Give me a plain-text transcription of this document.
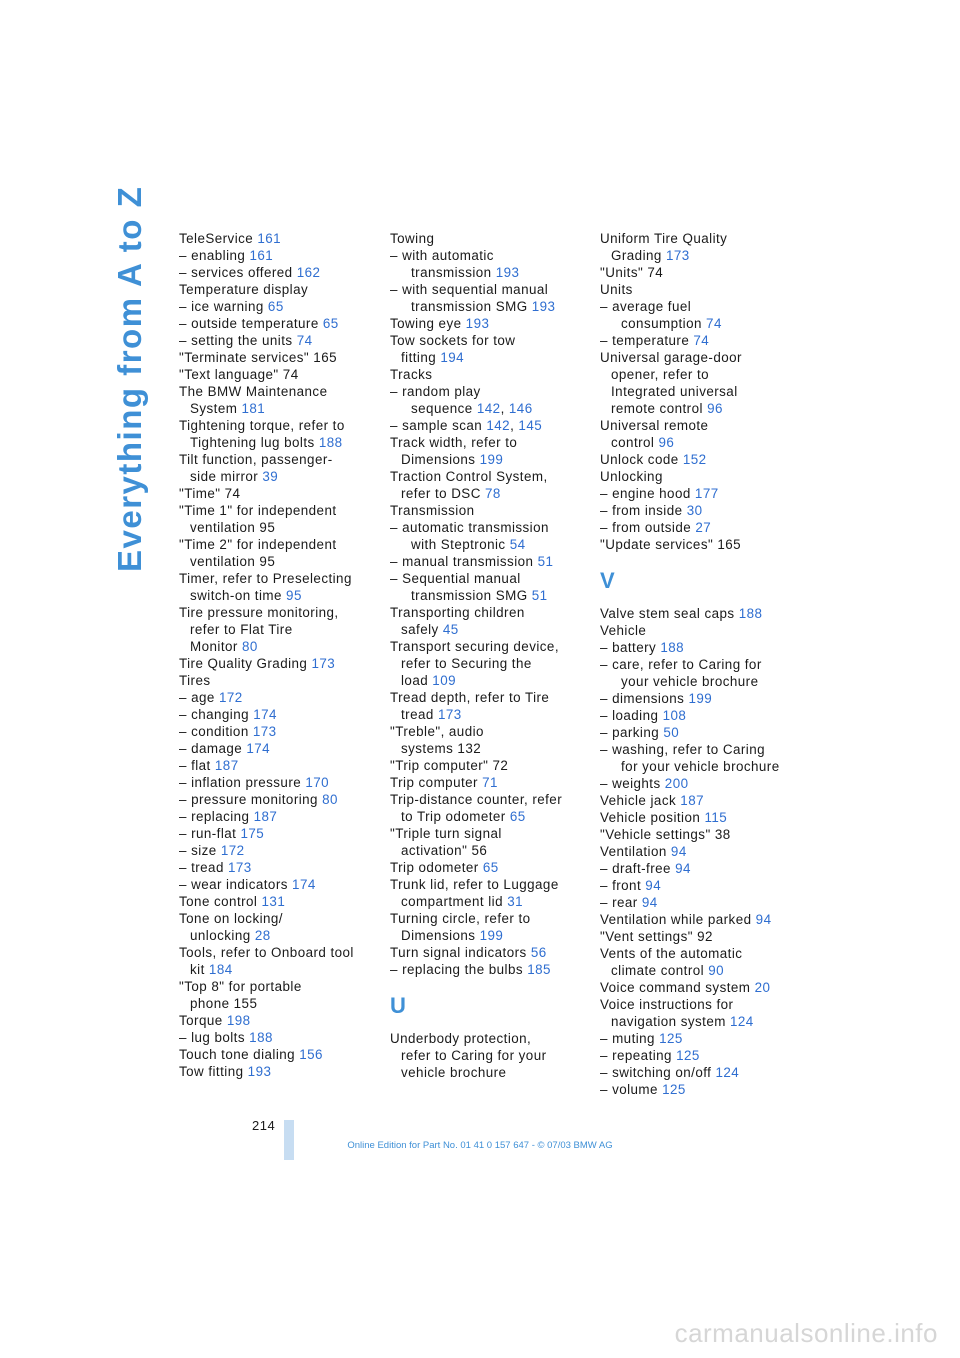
Everything from A to Z TeleService 161
– enabling 161
– services offered 162
Temperature display
– ice warning 65
– outside temperature 65
– setting the units 74
"Terminate services" 165
"Text language" 74
The BMW Maintenance
System 181
Tightening torque, refer to
Tightening lug bolts 188
Tilt function, passenger-
side mirror 39
"Time" 74
"Time 1" for independent
ventilation 95
"Time 2" for independent
ventilation 95
Timer, refer to Preselecting
switch-on time 95
Tire pressure monitoring,
refer to Flat Tire
Monitor 80
Tire Quality Grading 173
Tires
– age 172
– changing 174
– condition 173
– damage 174
– flat 187
– inflation pressure 170
– pressure monitoring 80
– replacing 187
– run-flat 175
– size 172
– tread 173
– wear indicators 174
Tone control 131
Tone on locking/
unlocking 28
Tools, refer to Onboard tool
kit 184
"Top 8" for portable
phone 155
Torque 198
– lug bolts 188
Touch tone dialing 156
Tow fitting 193
Towing
– with automatic
transmission 193
– with sequential manual
transmission SMG 193
Towing eye 193
Tow sockets for tow
fitting 194
Tracks
– random play
sequence 142, 146
– sample scan 142, 145
Track width, refer to
Dimensions 199
Traction Control System,
refer to DSC 78
Transmission
– automatic transmission
with Steptronic 54
– manual transmission 51
– Sequential manual
transmission SMG 51
Transporting children
safely 45
Transport securing device,
refer to Securing the
load 109
Tread depth, refer to Tire
tread 173
"Treble", audio
systems 132
"Trip computer" 72
Trip computer 71
Trip-distance counter, refer
to Trip odometer 65
"Triple turn signal
activation" 56
Trip odometer 65
Trunk lid, refer to Luggage
compartment lid 31
Turning circle, refer to
Dimensions 199
Turn signal indicators 56
– replacing the bulbs 185
U
Underbody protection,
refer to Caring for your
vehicle brochure
Uniform Tire Quality
Grading 173
"Units" 74
Units
– average fuel
consumption 74
– temperature 74
Universal garage-door
opener, refer to
Integrated universal
remote control 96
Universal remote
control 96
Unlock code 152
Unlocking
– engine hood 177
– from inside 30
– from outside 27
"Update services" 165
V
Valve stem seal caps 188
Vehicle
– battery 188
– care, refer to Caring for
your vehicle brochure
– dimensions 199
– loading 108
– parking 50
– washing, refer to Caring
for your vehicle brochure
– weights 200
Vehicle jack 187
Vehicle position 115
"Vehicle settings" 38
Ventilation 94
– draft-free 94
– front 94
– rear 94
Ventilation while parked 94
"Vent settings" 92
Vents of the automatic
climate control 90
Voice command system 20
Voice instructions for
navigation system 124
– muting 125
– repeating 125
– switching on/off 124
– volume 125
214
Online Edition for Part No. 01 41 0 157 647 - © 07/03 BMW AG
carmanualsonline.info
